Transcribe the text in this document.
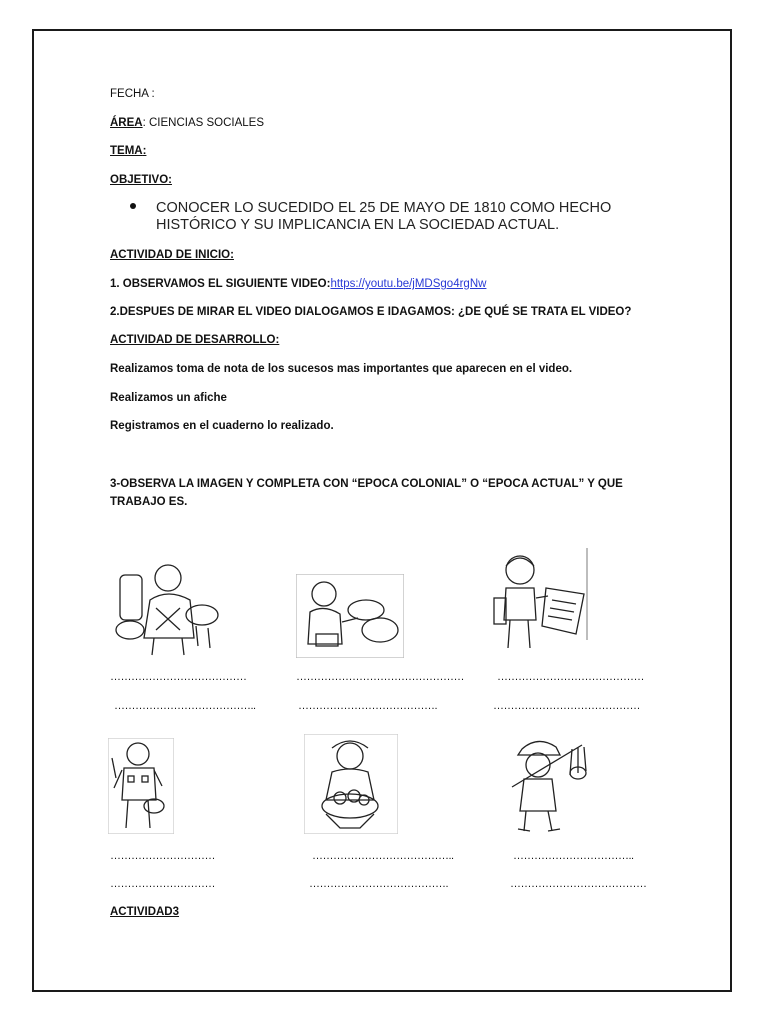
FECHA :
ÁREA: CIENCIAS SOCIALES
TEMA:
OBJETIVO:
CONOCER LO SUCEDIDO EL 25 DE MAYO DE 1810 COMO HECHO
HISTÓRICO Y SU IMPLICANCIA EN LA SOCIEDAD ACTUAL.
ACTIVIDAD DE INICIO:
1. OBSERVAMOS EL SIGUIENTE VIDEO:https://youtu.be/jMDSgo4rgNw
2.DESPUES DE MIRAR EL VIDEO DIALOGAMOS E IDAGAMOS: ¿DE QUÉ SE TRATA EL VIDEO?
ACTIVIDAD DE DESARROLLO:
Realizamos toma de nota de los sucesos mas importantes que aparecen en el video.
Realizamos un afiche
Registramos en el cuaderno lo realizado.
3-OBSERVA LA IMAGEN Y COMPLETA CON “EPOCA COLONIAL” O “EPOCA ACTUAL” Y QUE
TRABAJO ES.
…………………………………	…………………………………………	……………………………………
…………………………………..	………………………………….	……………………………………
…………………………	…………………………………..	……………………………..
…………………………	………………………………….	…………………………………
ACTIVIDAD3
